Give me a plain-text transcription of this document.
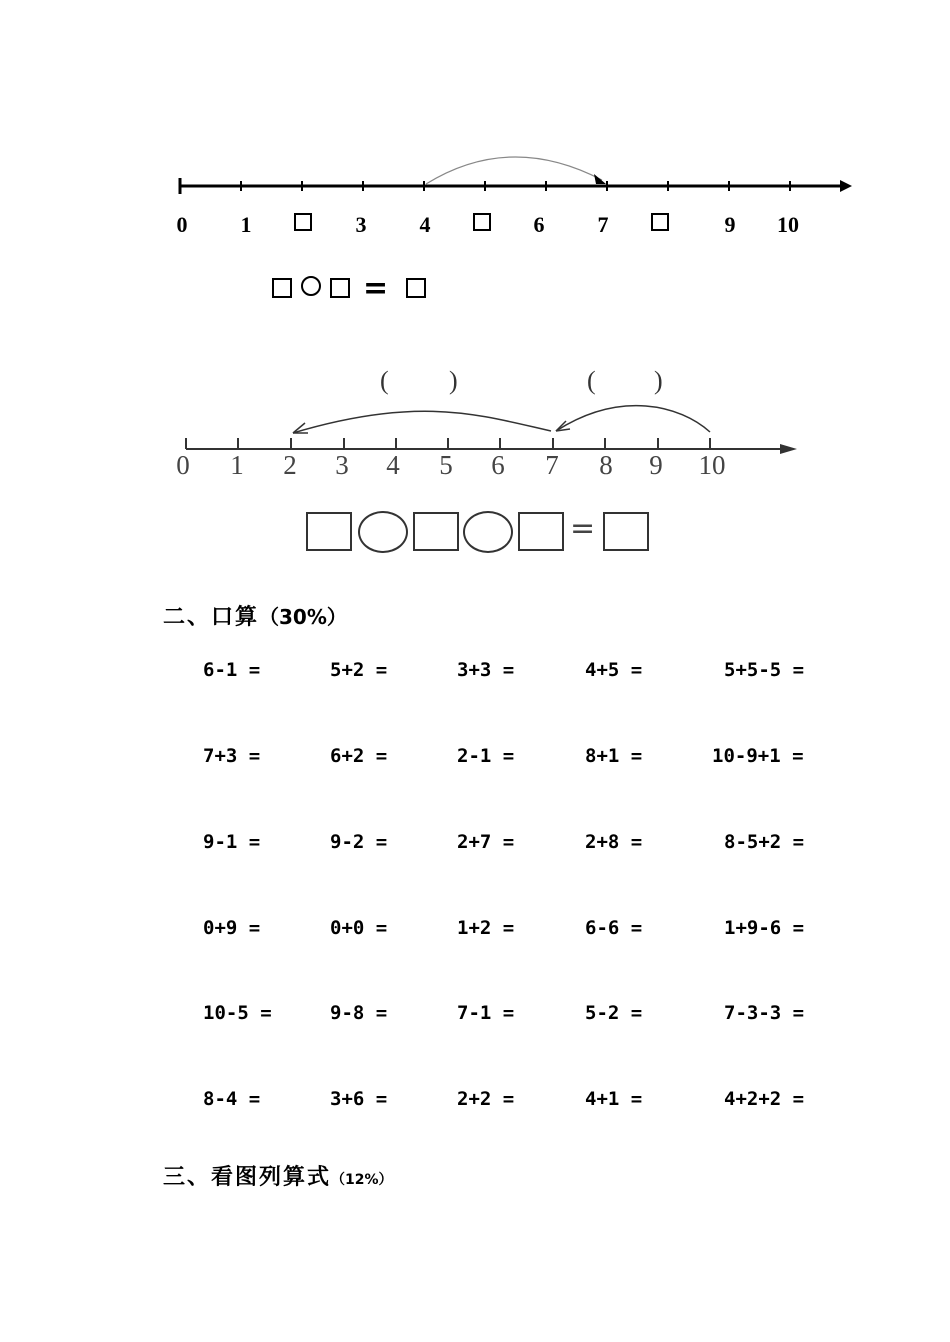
0 1	3 4	6 7	9 10
=
( )	( )
0 1 2 3 4 5 6 7 8 9 10
=
二、口算（30%）
6-1 =	5+2 =	3+3 =	4+5 =	5+5-5 =
7+3 =	6+2 =	2-1 =	8+1 =	10-9+1 =
9-1 =	9-2 =	2+7 =	2+8 =	8-5+2 =
0+9 =	0+0 =	1+2 =	6-6 =	1+9-6 =
10-5 =	9-8 =	7-1 =	5-2 =	7-3-3 =
8-4 =	3+6 =	2+2 =	4+1 =	4+2+2 =
三、看图列算式（12%）
